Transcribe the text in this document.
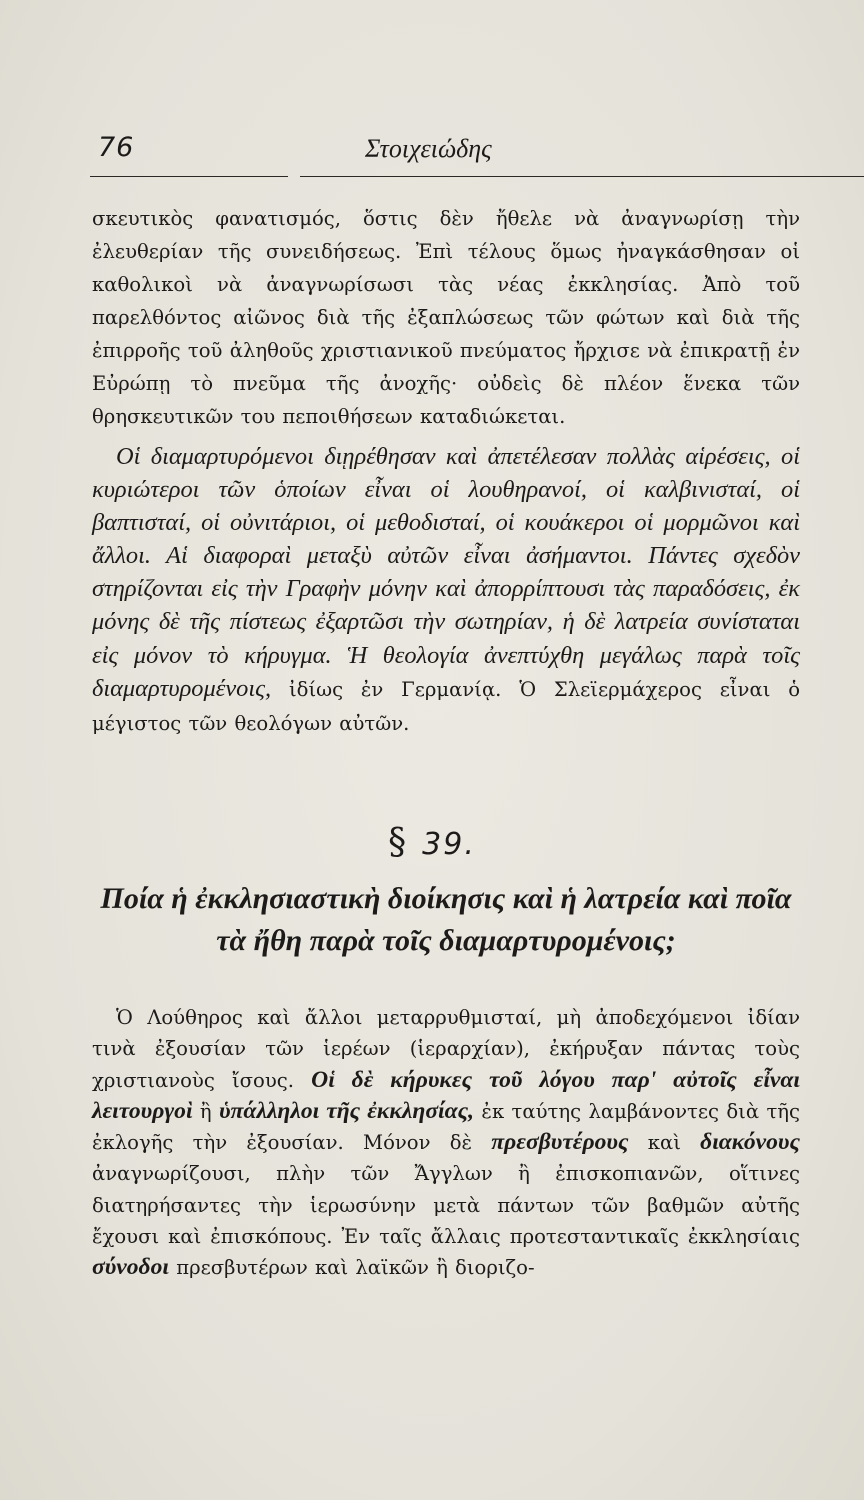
76	Στοιχειώδης

σκευτικὸς φανατισμός, ὅστις δὲν ἤθελε νὰ ἀναγνωρίσῃ τὴν ἐλευθερίαν τῆς συνειδήσεως. Ἐπὶ τέλους ὅμως ἠναγκάσθησαν οἱ καθολικοὶ νὰ ἀναγνωρίσωσι τὰς νέας ἐκκλησίας. Ἀπὸ τοῦ παρελθόντος αἰῶνος διὰ τῆς ἐξαπλώσεως τῶν φώτων καὶ διὰ τῆς ἐπιρροῆς τοῦ ἀληθοῦς χριστιανικοῦ πνεύματος ἤρχισε νὰ ἐπικρατῇ ἐν Εὐρώπῃ τὸ πνεῦμα τῆς ἀνοχῆς· οὐδεὶς δὲ πλέον ἕνεκα τῶν θρησκευτικῶν του πεποιθήσεων καταδιώκεται.

Οἱ διαμαρτυρόμενοι διῃρέθησαν καὶ ἀπετέλεσαν πολλὰς αἱρέσεις, οἱ κυριώτεροι τῶν ὁποίων εἶναι οἱ λουθηρανοί, οἱ καλβινισταί, οἱ βαπτισταί, οἱ οὐνιτάριοι, οἱ μεθοδισταί, οἱ κουάκεροι οἱ μορμῶνοι καὶ ἄλλοι. Αἱ διαφοραὶ μεταξὺ αὐτῶν εἶναι ἀσήμαντοι. Πάντες σχεδὸν στηρίζονται εἰς τὴν Γραφὴν μόνην καὶ ἀπορρίπτουσι τὰς παραδόσεις, ἐκ μόνης δὲ τῆς πίστεως ἐξαρτῶσι τὴν σωτηρίαν, ἡ δὲ λατρεία συνίσταται εἰς μόνον τὸ κήρυγμα. Ἡ θεολογία ἀνεπτύχθη μεγάλως παρὰ τοῖς διαμαρτυρομένοις, ἰδίως ἐν Γερμανίᾳ. Ὁ Σλεϊερμάχερος εἶναι ὁ μέγιστος τῶν θεολόγων αὐτῶν.

§ 39.
Ποία ἡ ἐκκλησιαστικὴ διοίκησις καὶ ἡ λατρεία καὶ ποῖα τὰ ἤθη παρὰ τοῖς διαμαρτυρομένοις;

Ὁ Λούθηρος καὶ ἄλλοι μεταρρυθμισταί, μὴ ἀποδεχόμενοι ἰδίαν τινὰ ἐξουσίαν τῶν ἱερέων (ἱεραρχίαν), ἐκήρυξαν πάντας τοὺς χριστιανοὺς ἴσους. Οἱ δὲ κήρυκες τοῦ λόγου παρ' αὐτοῖς εἶναι λειτουργοὶ ἢ ὑπάλληλοι τῆς ἐκκλησίας, ἐκ ταύτης λαμβάνοντες διὰ τῆς ἐκλογῆς τὴν ἐξουσίαν. Μόνον δὲ πρεσβυτέρους καὶ διακόνους ἀναγνωρίζουσι, πλὴν τῶν Ἄγγλων ἢ ἐπισκοπιανῶν, οἵτινες διατηρήσαντες τὴν ἱερωσύνην μετὰ πάντων τῶν βαθμῶν αὐτῆς ἔχουσι καὶ ἐπισκόπους. Ἐν ταῖς ἄλλαις προτεσταντικαῖς ἐκκλησίαις σύνοδοι πρεσβυτέρων καὶ λαϊκῶν ἢ διοριζο-
